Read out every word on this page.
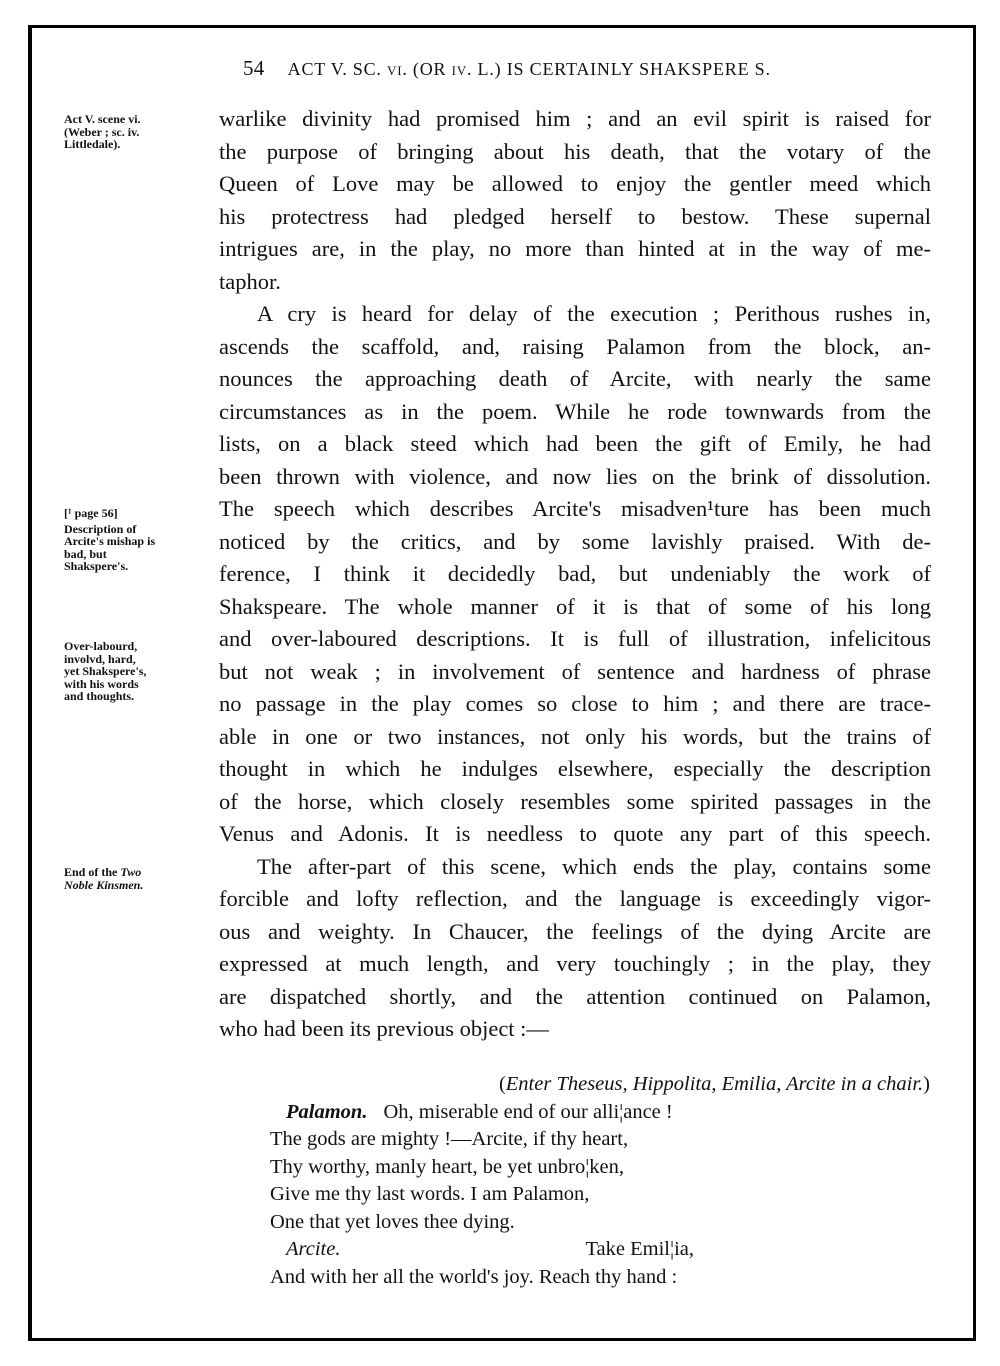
54 ACT V. SC. vi. (OR iv. L.) IS CERTAINLY SHAKSPERE S.
Act V. scene vi.
(Weber ; sc. iv.
Littledale).
[¹ page 56]
Description of
Arcite's mishap is
bad, but
Shakspere's.
Over-labourd,
involvd, hard,
yet Shakspere's,
with his words
and thoughts.
End of the Two
Noble Kinsmen.
warlike divinity had promised him ; and an evil spirit is raised for
the purpose of bringing about his death, that the votary of the
Queen of Love may be allowed to enjoy the gentler meed which
his protectress had pledged herself to bestow. These supernal
intrigues are, in the play, no more than hinted at in the way of me-
taphor.
A cry is heard for delay of the execution ; Perithous rushes in,
ascends the scaffold, and, raising Palamon from the block, an-
nounces the approaching death of Arcite, with nearly the same
circumstances as in the poem. While he rode townwards from the
lists, on a black steed which had been the gift of Emily, he had
been thrown with violence, and now lies on the brink of dissolution.
The speech which describes Arcite's misadven¹ture has been much
noticed by the critics, and by some lavishly praised. With de-
ference, I think it decidedly bad, but undeniably the work of
Shakspeare. The whole manner of it is that of some of his long
and over-laboured descriptions. It is full of illustration, infelicitous
but not weak ; in involvement of sentence and hardness of phrase
no passage in the play comes so close to him ; and there are trace-
able in one or two instances, not only his words, but the trains of
thought in which he indulges elsewhere, especially the description
of the horse, which closely resembles some spirited passages in the
Venus and Adonis. It is needless to quote any part of this speech.
The after-part of this scene, which ends the play, contains some
forcible and lofty reflection, and the language is exceedingly vigor-
ous and weighty. In Chaucer, the feelings of the dying Arcite are
expressed at much length, and very touchingly ; in the play, they
are dispatched shortly, and the attention continued on Palamon,
who had been its previous object :—
(Enter Theseus, Hippolita, Emilia, Arcite in a chair.)
Palamon. Oh, miserable end of our alli¦ance !
The gods are mighty !—Arcite, if thy heart,
Thy worthy, manly heart, be yet unbro¦ken,
Give me thy last words. I am Palamon,
One that yet loves thee dying.
Arcite.	Take Emil¦ia,
And with her all the world's joy. Reach thy hand :
